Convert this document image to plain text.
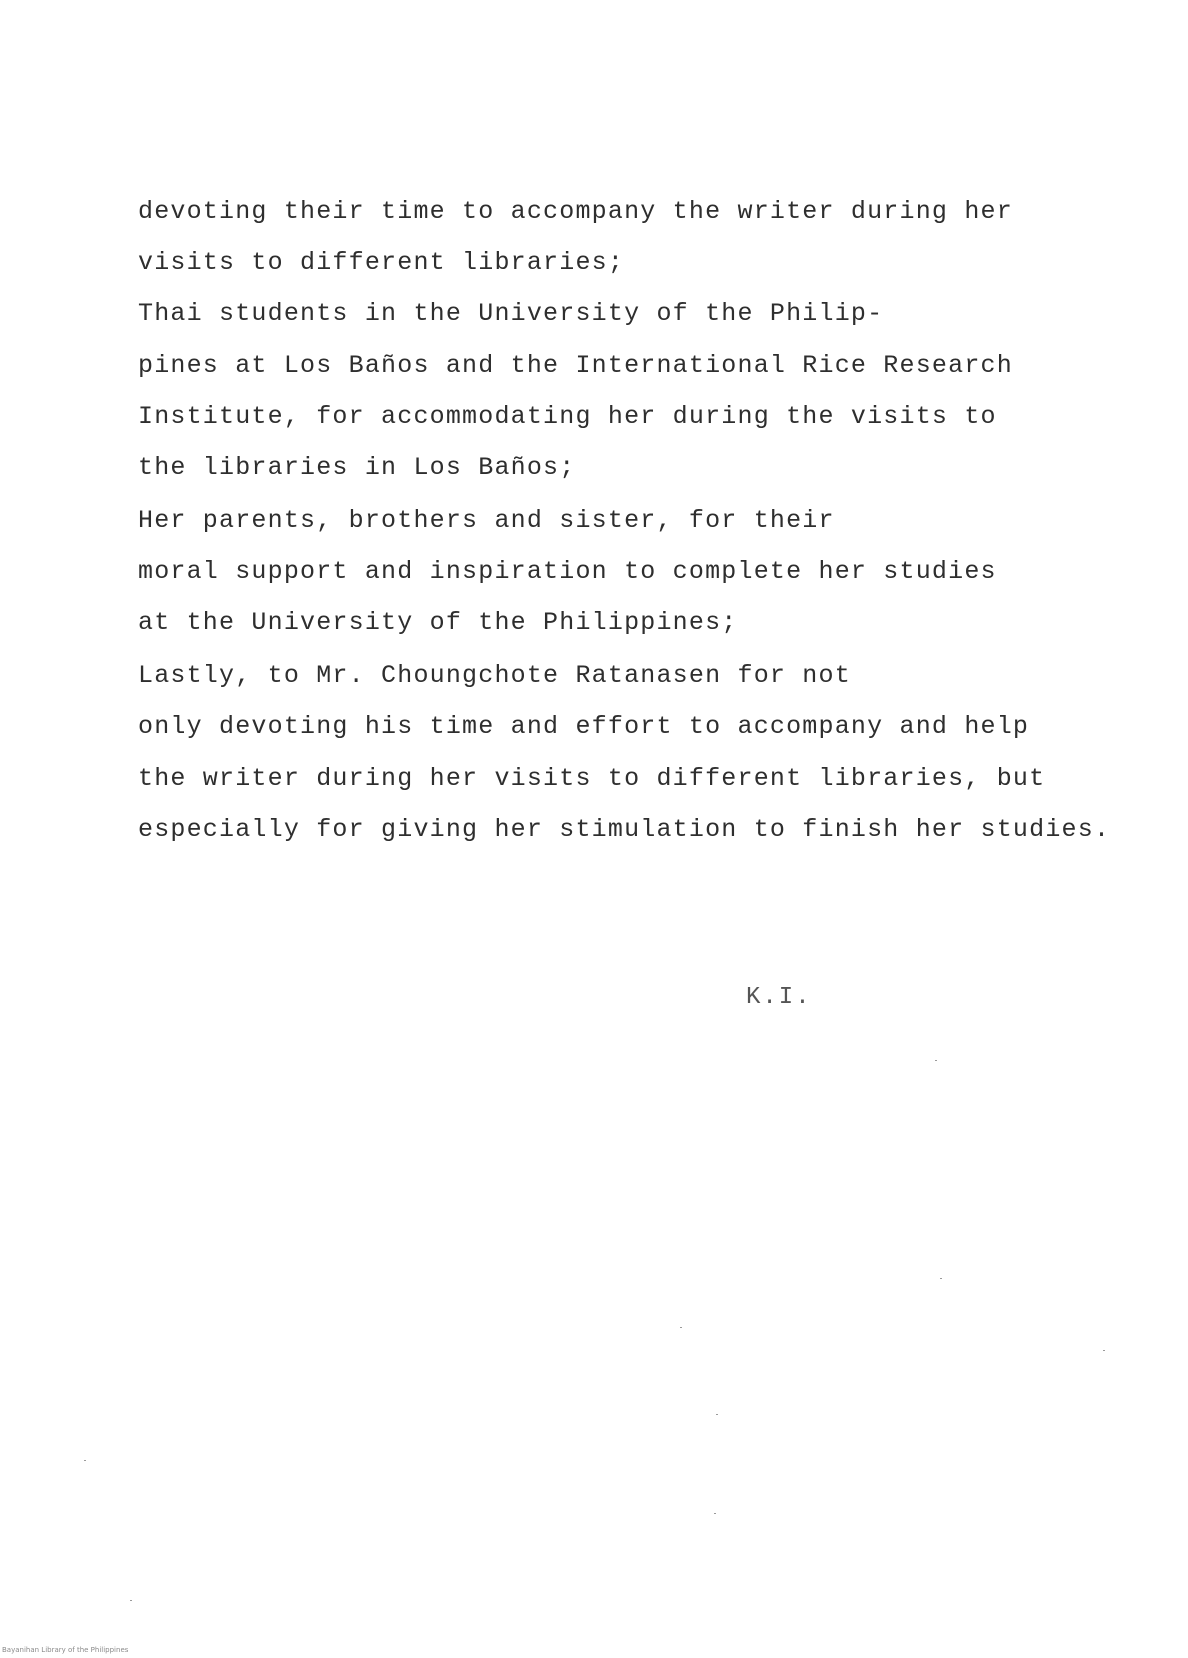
devoting their time to accompany the writer during her
visits to different libraries;
Thai students in the University of the Philip-
pines at Los Baños and the International Rice Research
Institute, for accommodating her during the visits to
the libraries in Los Baños;
Her parents, brothers and sister, for their
moral support and inspiration to complete her studies
at the University of the Philippines;
Lastly, to Mr. Choungchote Ratanasen for not
only devoting his time and effort to accompany and help
the writer during her visits to different libraries, but
especially for giving her stimulation to finish her studies.
K.I.
Bayanihan Library of the Philippines
